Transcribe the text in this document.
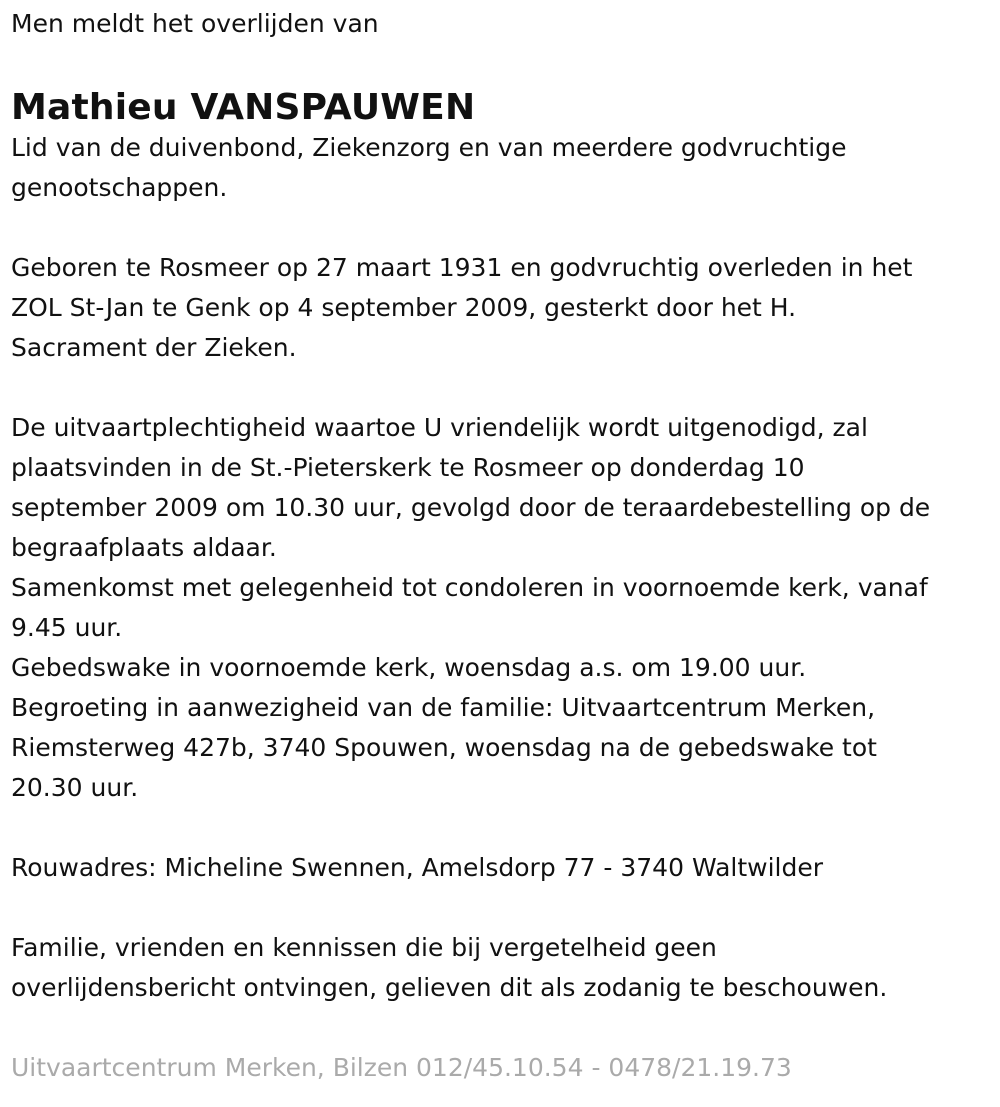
Men meldt het overlijden van

Mathieu VANSPAUWEN

Lid van de duivenbond, Ziekenzorg en van meerdere godvruchtige
genootschappen.

Geboren te Rosmeer op 27 maart 1931 en godvruchtig overleden in het
ZOL St-Jan te Genk op 4 september 2009, gesterkt door het H.
Sacrament der Zieken.

De uitvaartplechtigheid waartoe U vriendelijk wordt uitgenodigd, zal
plaatsvinden in de St.-Pieterskerk te Rosmeer op donderdag 10
september 2009 om 10.30 uur, gevolgd door de teraardebestelling op de
begraafplaats aldaar.

Samenkomst met gelegenheid tot condoleren in voornoemde kerk, vanaf
9.45 uur.

Gebedswake in voornoemde kerk, woensdag a.s. om 19.00 uur.

Begroeting in aanwezigheid van de familie: Uitvaartcentrum Merken,
Riemsterweg 427b, 3740 Spouwen, woensdag na de gebedswake tot
20.30 uur.

Rouwadres: Micheline Swennen, Amelsdorp 77 - 3740 Waltwilder

Familie, vrienden en kennissen die bij vergetelheid geen
overlijdensbericht ontvingen, gelieven dit als zodanig te beschouwen.

Uitvaartcentrum Merken, Bilzen 012/45.10.54 - 0478/21.19.73
